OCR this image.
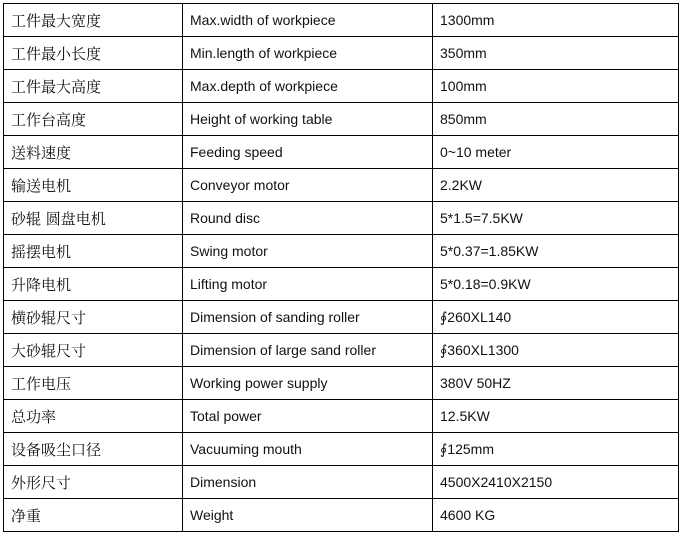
工件最大宽度	Max.width of workpiece	1300mm
工件最小长度	Min.length of workpiece	350mm
工件最大高度	Max.depth of workpiece	100mm
工作台高度	Height of working table	850mm
送料速度	Feeding speed	0~10 meter
输送电机	Conveyor motor	2.2KW
砂辊 圆盘电机	Round disc	5*1.5=7.5KW
摇摆电机	Swing motor	5*0.37=1.85KW
升降电机	Lifting motor	5*0.18=0.9KW
横砂辊尺寸	Dimension of sanding roller	∮260XL140
大砂辊尺寸	Dimension of large sand roller	∮360XL1300
工作电压	Working power supply	380V 50HZ
总功率	Total power	12.5KW
设备吸尘口径	Vacuuming mouth	∮125mm
外形尺寸	Dimension	4500X2410X2150
净重	Weight	4600 KG
